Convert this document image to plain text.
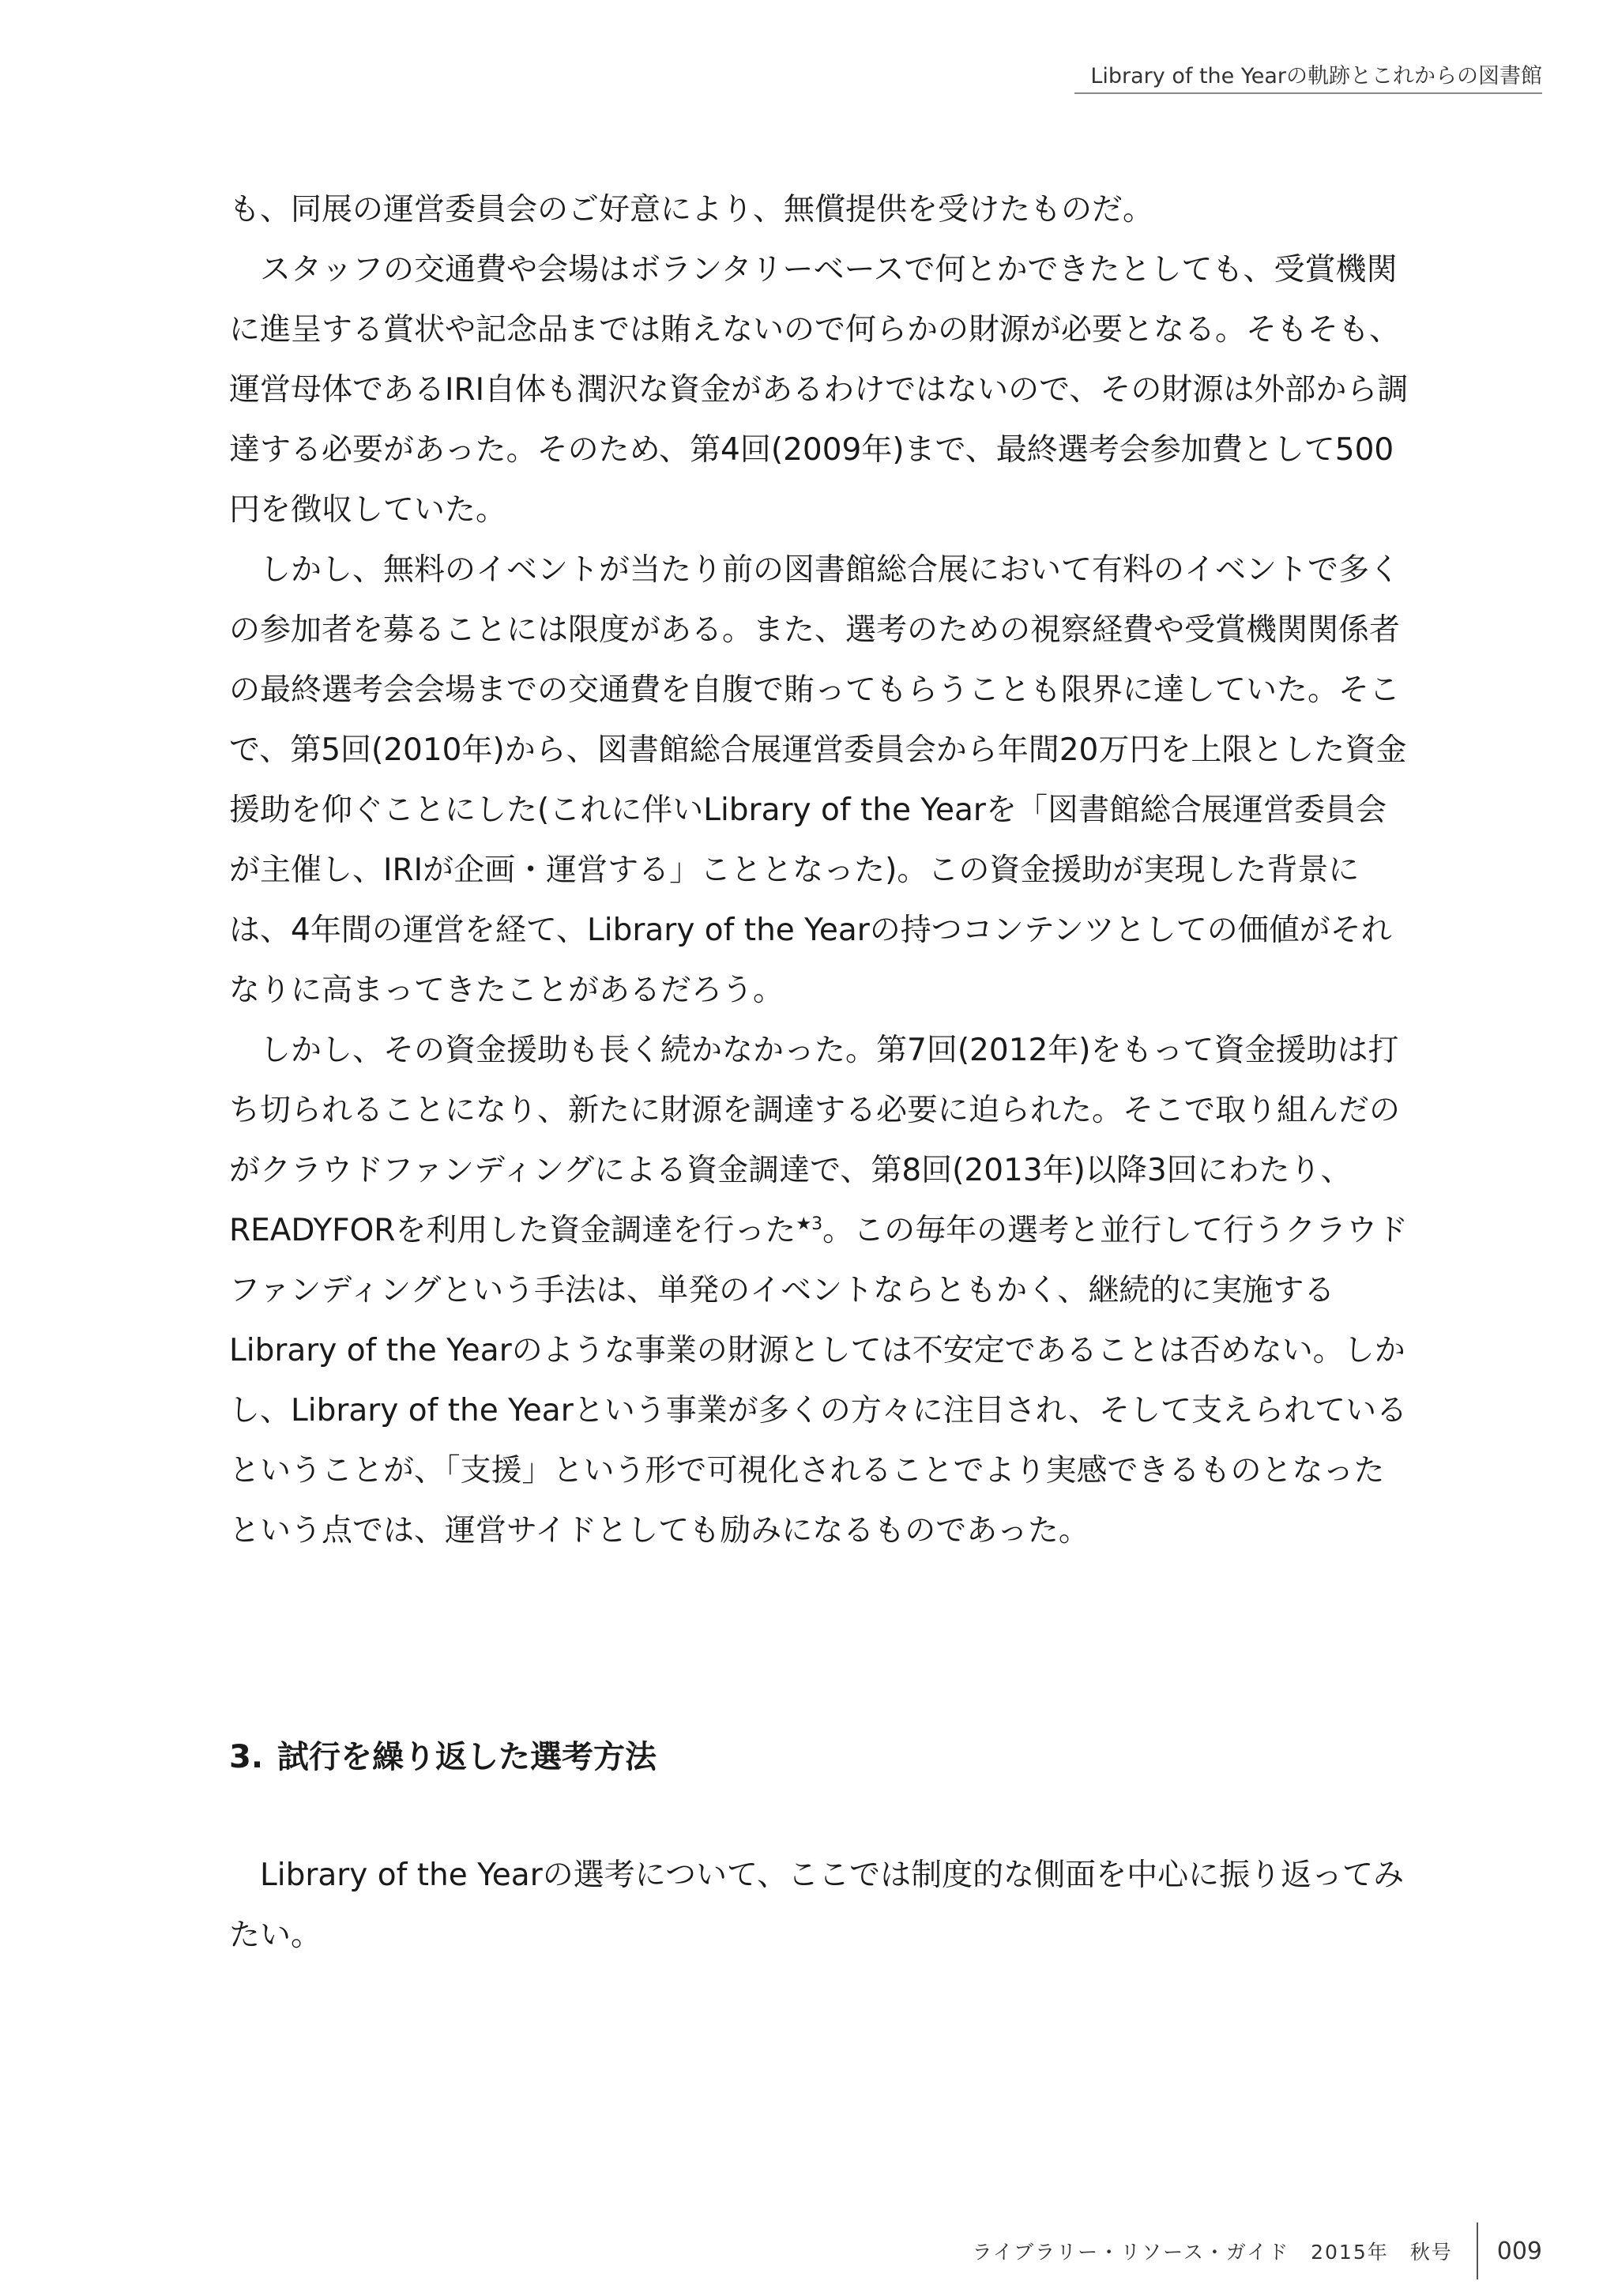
Library of the Yearの軌跡とこれからの図書館

も、同展の運営委員会のご好意により、無償提供を受けたものだ。

スタッフの交通費や会場はボランタリーベースで何とかできたとしても、受賞機関に進呈する賞状や記念品までは賄えないので何らかの財源が必要となる。そもそも、運営母体であるIRI自体も潤沢な資金があるわけではないので、その財源は外部から調達する必要があった。そのため、第4回(2009年)まで、最終選考会参加費として500円を徴収していた。

しかし、無料のイベントが当たり前の図書館総合展において有料のイベントで多くの参加者を募ることには限度がある。また、選考のための視察経費や受賞機関関係者の最終選考会会場までの交通費を自腹で賄ってもらうことも限界に達していた。そこで、第5回(2010年)から、図書館総合展運営委員会から年間20万円を上限とした資金援助を仰ぐことにした(これに伴いLibrary of the Yearを「図書館総合展運営委員会が主催し、IRIが企画・運営する」こととなった)。この資金援助が実現した背景には、4年間の運営を経て、Library of the Yearの持つコンテンツとしての価値がそれなりに高まってきたことがあるだろう。

しかし、その資金援助も長く続かなかった。第7回(2012年)をもって資金援助は打ち切られることになり、新たに財源を調達する必要に迫られた。そこで取り組んだのがクラウドファンディングによる資金調達で、第8回(2013年)以降3回にわたり、READYFORを利用した資金調達を行った$^{★3}$。この毎年の選考と並行して行うクラウドファンディングという手法は、単発のイベントならともかく、継続的に実施するLibrary of the Yearのような事業の財源としては不安定であることは否めない。しかし、Library of the Yearという事業が多くの方々に注目され、そして支えられているということが、「支援」という形で可視化されることでより実感できるものとなったという点では、運営サイドとしても励みになるものであった。

3. 試行を繰り返した選考方法

Library of the Yearの選考について、ここでは制度的な側面を中心に振り返ってみたい。

ライブラリー・リソース・ガイド　2015年　秋号 009
